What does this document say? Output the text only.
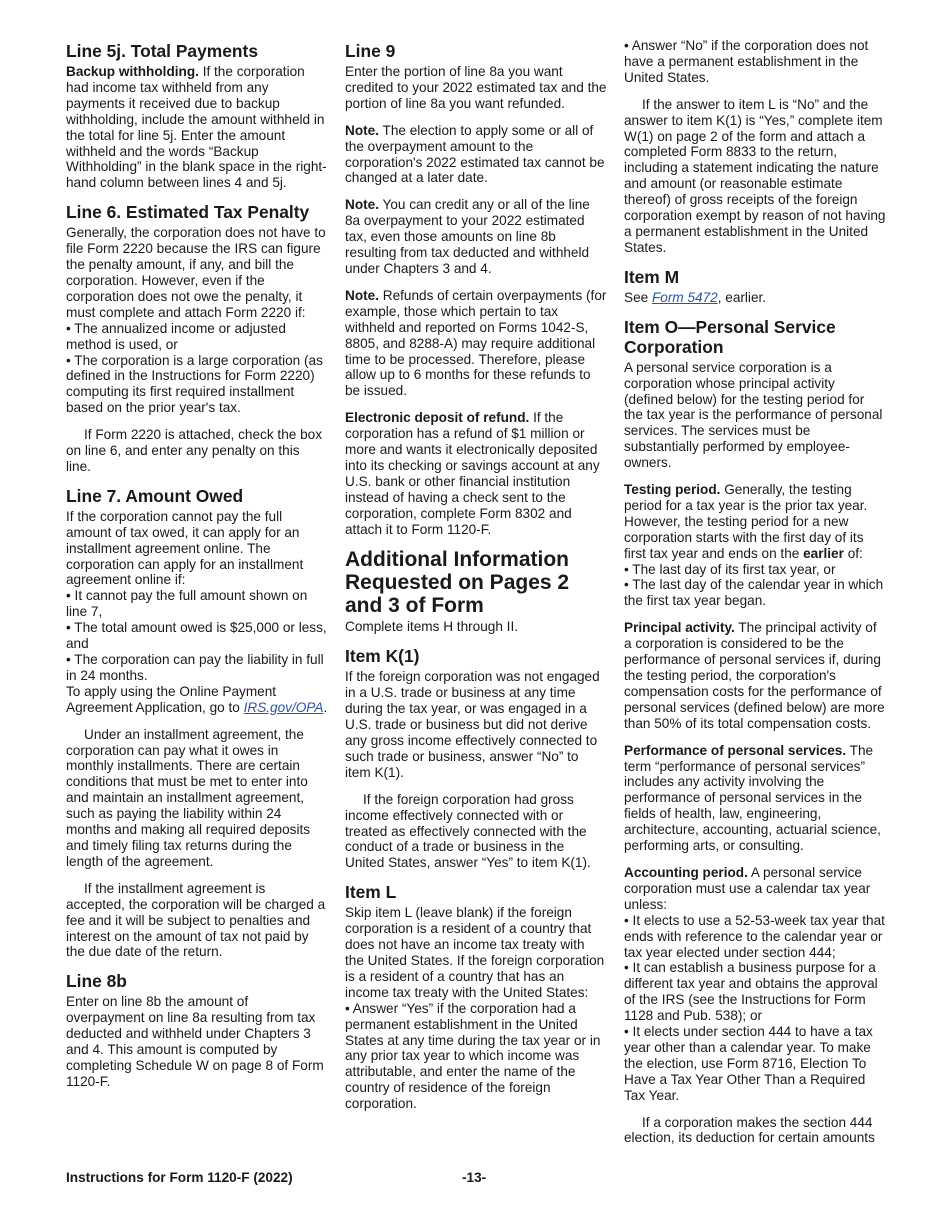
Line 5j. Total Payments

Backup withholding. If the corporation had income tax withheld from any payments it received due to backup withholding, include the amount withheld in the total for line 5j. Enter the amount withheld and the words “Backup Withholding” in the blank space in the right-hand column between lines 4 and 5j.

Line 6. Estimated Tax Penalty

Generally, the corporation does not have to file Form 2220 because the IRS can figure the penalty amount, if any, and bill the corporation. However, even if the corporation does not owe the penalty, it must complete and attach Form 2220 if:

• The annualized income or adjusted method is used, or

• The corporation is a large corporation (as defined in the Instructions for Form 2220) computing its first required installment based on the prior year's tax.

If Form 2220 is attached, check the box on line 6, and enter any penalty on this line.

Line 7. Amount Owed

If the corporation cannot pay the full amount of tax owed, it can apply for an installment agreement online. The corporation can apply for an installment agreement online if:

• It cannot pay the full amount shown on line 7,

• The total amount owed is $25,000 or less, and

• The corporation can pay the liability in full in 24 months.

To apply using the Online Payment Agreement Application, go to IRS.gov/OPA.

Under an installment agreement, the corporation can pay what it owes in monthly installments. There are certain conditions that must be met to enter into and maintain an installment agreement, such as paying the liability within 24 months and making all required deposits and timely filing tax returns during the length of the agreement.

If the installment agreement is accepted, the corporation will be charged a fee and it will be subject to penalties and interest on the amount of tax not paid by the due date of the return.

Line 8b

Enter on line 8b the amount of overpayment on line 8a resulting from tax deducted and withheld under Chapters 3 and 4. This amount is computed by completing Schedule W on page 8 of Form 1120-F.

Line 9

Enter the portion of line 8a you want credited to your 2022 estimated tax and the portion of line 8a you want refunded.

Note. The election to apply some or all of the overpayment amount to the corporation's 2022 estimated tax cannot be changed at a later date.

Note. You can credit any or all of the line 8a overpayment to your 2022 estimated tax, even those amounts on line 8b resulting from tax deducted and withheld under Chapters 3 and 4.

Note. Refunds of certain overpayments (for example, those which pertain to tax withheld and reported on Forms 1042-S, 8805, and 8288-A) may require additional time to be processed. Therefore, please allow up to 6 months for these refunds to be issued.

Electronic deposit of refund. If the corporation has a refund of $1 million or more and wants it electronically deposited into its checking or savings account at any U.S. bank or other financial institution instead of having a check sent to the corporation, complete Form 8302 and attach it to Form 1120-F.

Additional Information Requested on Pages 2 and 3 of Form

Complete items H through II.

Item K(1)

If the foreign corporation was not engaged in a U.S. trade or business at any time during the tax year, or was engaged in a U.S. trade or business but did not derive any gross income effectively connected to such trade or business, answer “No” to item K(1).

If the foreign corporation had gross income effectively connected with or treated as effectively connected with the conduct of a trade or business in the United States, answer “Yes” to item K(1).

Item L

Skip item L (leave blank) if the foreign corporation is a resident of a country that does not have an income tax treaty with the United States. If the foreign corporation is a resident of a country that has an income tax treaty with the United States:

• Answer “Yes” if the corporation had a permanent establishment in the United States at any time during the tax year or in any prior tax year to which income was attributable, and enter the name of the country of residence of the foreign corporation.

• Answer “No” if the corporation does not have a permanent establishment in the United States.

If the answer to item L is “No” and the answer to item K(1) is “Yes,” complete item W(1) on page 2 of the form and attach a completed Form 8833 to the return, including a statement indicating the nature and amount (or reasonable estimate thereof) of gross receipts of the foreign corporation exempt by reason of not having a permanent establishment in the United States.

Item M

See Form 5472, earlier.

Item O—Personal Service Corporation

A personal service corporation is a corporation whose principal activity (defined below) for the testing period for the tax year is the performance of personal services. The services must be substantially performed by employee-owners.

Testing period. Generally, the testing period for a tax year is the prior tax year. However, the testing period for a new corporation starts with the first day of its first tax year and ends on the earlier of:

• The last day of its first tax year, or

• The last day of the calendar year in which the first tax year began.

Principal activity. The principal activity of a corporation is considered to be the performance of personal services if, during the testing period, the corporation's compensation costs for the performance of personal services (defined below) are more than 50% of its total compensation costs.

Performance of personal services. The term “performance of personal services” includes any activity involving the performance of personal services in the fields of health, law, engineering, architecture, accounting, actuarial science, performing arts, or consulting.

Accounting period. A personal service corporation must use a calendar tax year unless:

• It elects to use a 52-53-week tax year that ends with reference to the calendar year or tax year elected under section 444;

• It can establish a business purpose for a different tax year and obtains the approval of the IRS (see the Instructions for Form 1128 and Pub. 538); or

• It elects under section 444 to have a tax year other than a calendar year. To make the election, use Form 8716, Election To Have a Tax Year Other Than a Required Tax Year.

If a corporation makes the section 444 election, its deduction for certain amounts

Instructions for Form 1120-F (2022)	-13-
